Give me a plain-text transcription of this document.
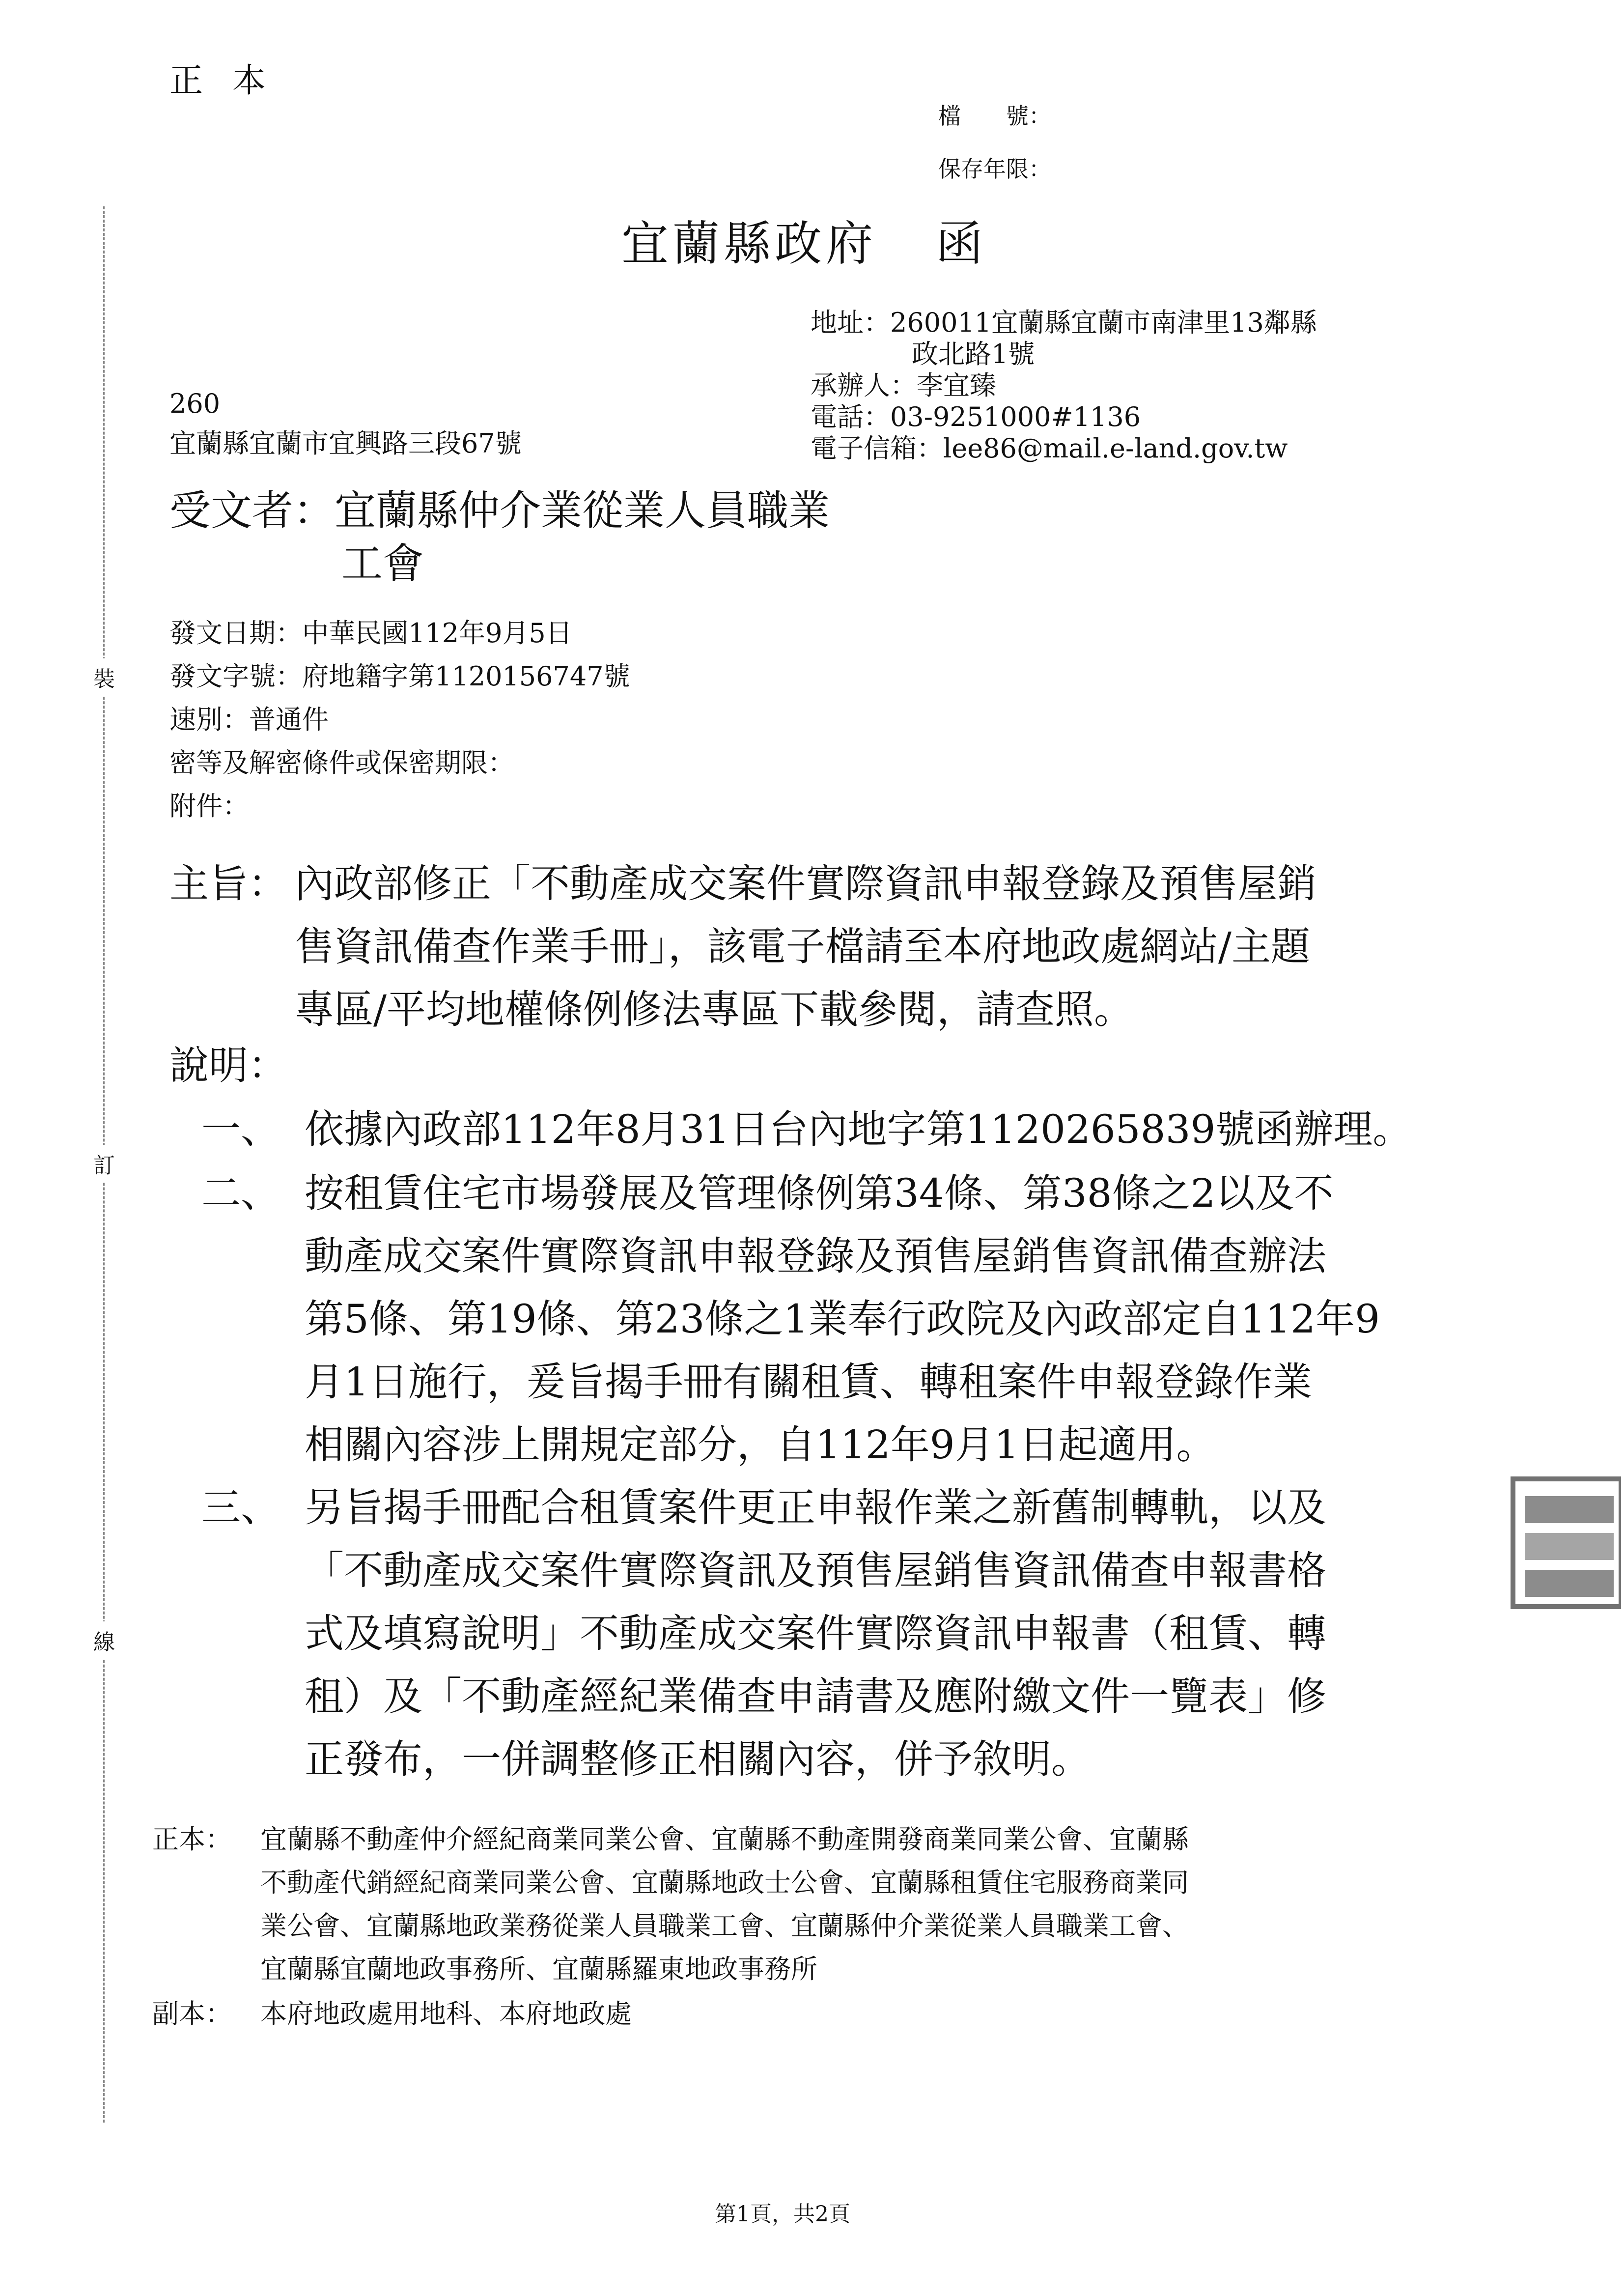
正本
檔　　號：
保存年限：
宜蘭縣政府 函
地址： 260011宜蘭縣宜蘭市南津里13鄰縣
政北路1號
承辦人： 李宜臻
電話： 03-9251000#1136
電子信箱： lee86@mail.e-land.gov.tw
260
宜蘭縣宜蘭市宜興路三段67號
受文者：宜蘭縣仲介業從業人員職業
工會
發文日期：中華民國112年9月5日
發文字號：府地籍字第1120156747號
速別：普通件
密等及解密條件或保密期限：
附件：
主旨： 內政部修正「不動產成交案件實際資訊申報登錄及預售屋銷
售資訊備查作業手冊」，該電子檔請至本府地政處網站/主題
專區/平均地權條例修法專區下載參閱，請查照。
說明：
一、 依據內政部112年8月31日台內地字第1120265839號函辦理。
二、 按租賃住宅市場發展及管理條例第34條、第38條之2以及不
動產成交案件實際資訊申報登錄及預售屋銷售資訊備查辦法
第5條、第19條、第23條之1業奉行政院及內政部定自112年9
月1日施行，爰旨揭手冊有關租賃、轉租案件申報登錄作業
相關內容涉上開規定部分，自112年9月1日起適用。
三、 另旨揭手冊配合租賃案件更正申報作業之新舊制轉軌，以及
「不動產成交案件實際資訊及預售屋銷售資訊備查申報書格
式及填寫說明」不動產成交案件實際資訊申報書（租賃、轉
租）及「不動產經紀業備查申請書及應附繳文件一覽表」修
正發布，一併調整修正相關內容，併予敘明。
正本： 宜蘭縣不動產仲介經紀商業同業公會、宜蘭縣不動產開發商業同業公會、宜蘭縣
不動產代銷經紀商業同業公會、宜蘭縣地政士公會、宜蘭縣租賃住宅服務商業同
業公會、宜蘭縣地政業務從業人員職業工會、宜蘭縣仲介業從業人員職業工會、
宜蘭縣宜蘭地政事務所、宜蘭縣羅東地政事務所
副本： 本府地政處用地科、本府地政處
裝
訂
線
第1頁，共2頁
